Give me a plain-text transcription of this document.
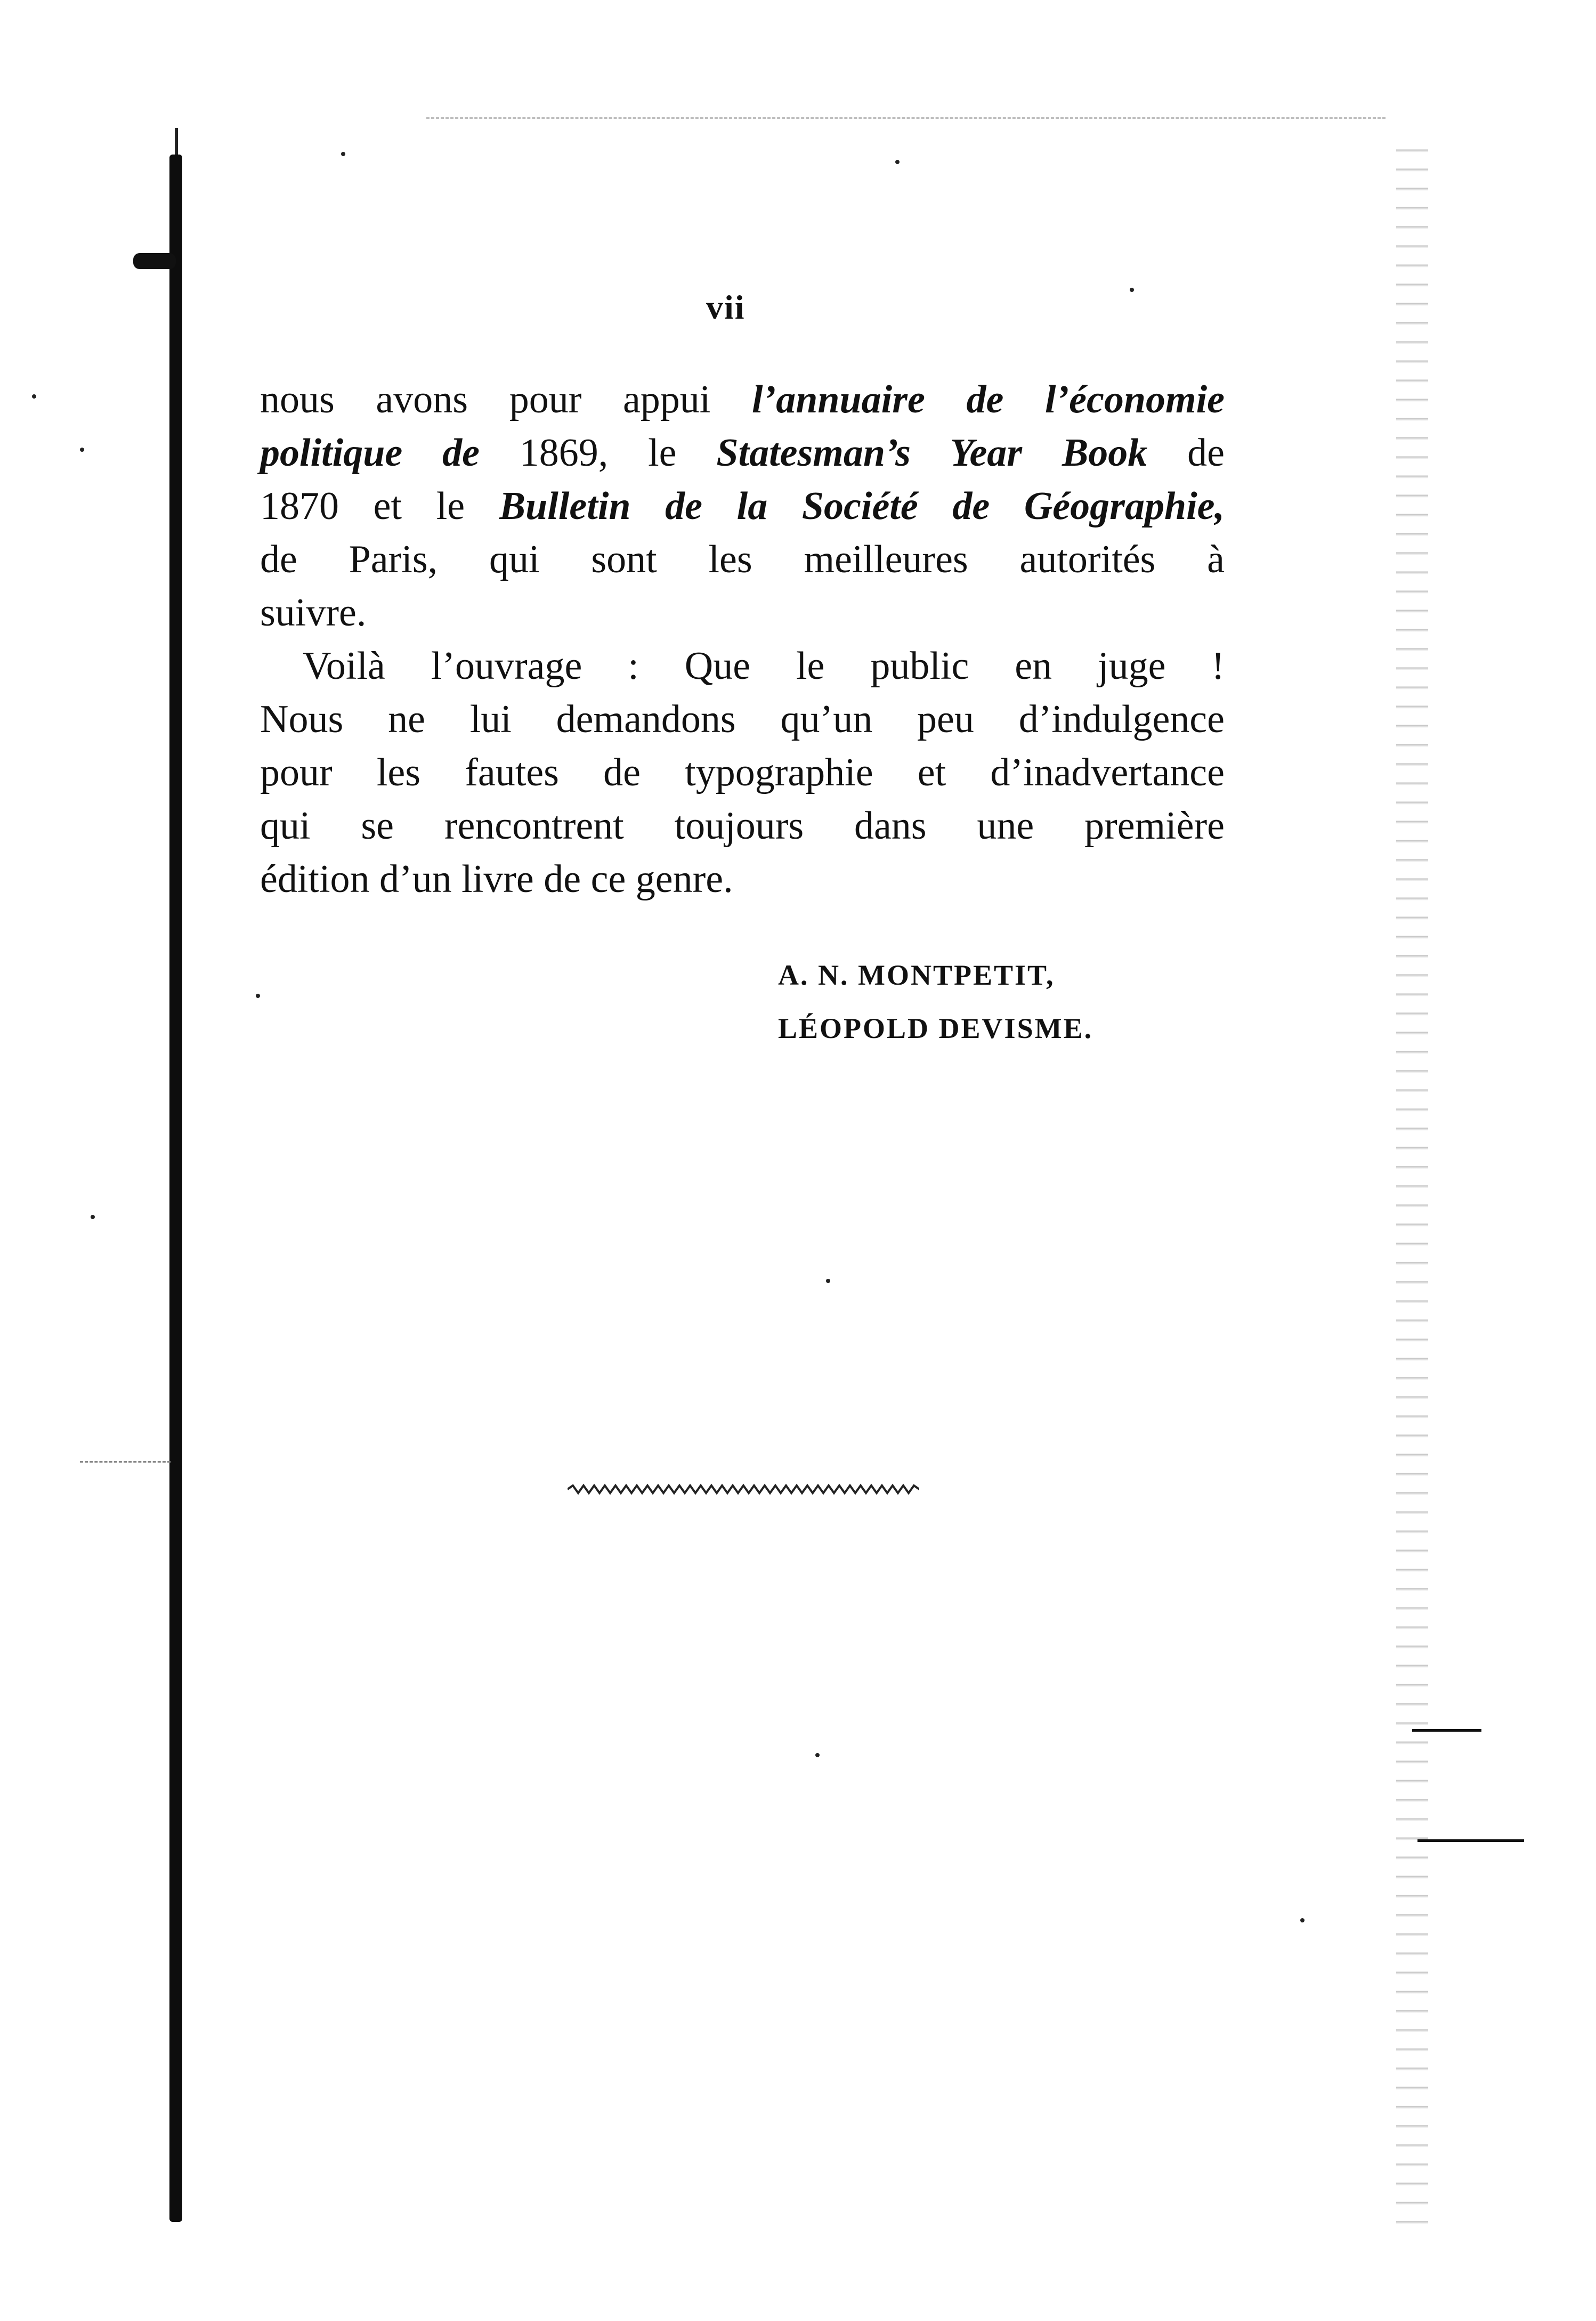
vii
nous avons pour appui l’annuaire de l’économie
politique de 1869, le Statesman’s Year Book de
1870 et le Bulletin de la Société de Géographie,
de Paris, qui sont les meilleures autorités à
suivre.
Voilà l’ouvrage : Que le public en juge !
Nous ne lui demandons qu’un peu d’indulgence
pour les fautes de typographie et d’inadvertance
qui se rencontrent toujours dans une première
édition d’un livre de ce genre.
A. N. MONTPETIT,
LÉOPOLD DEVISME.
